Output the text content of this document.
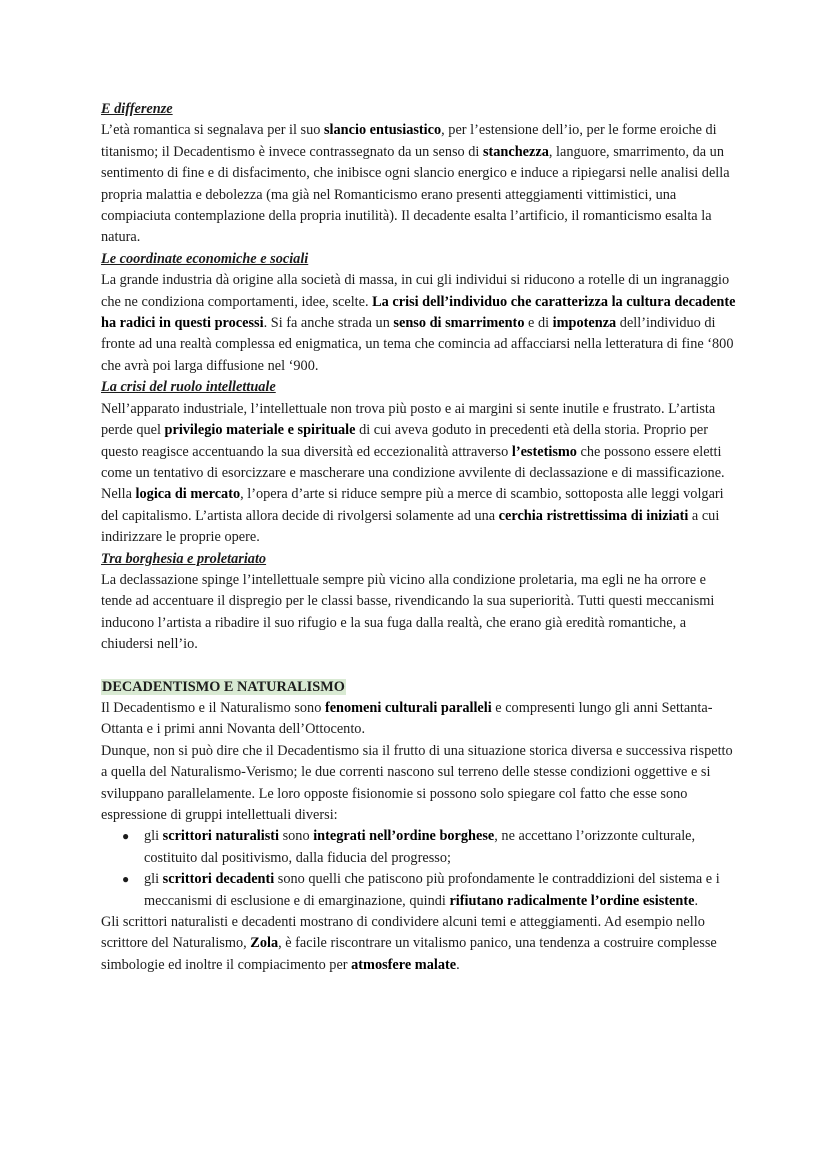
E differenze

L’età romantica si segnalava per il suo slancio entusiastico, per l’estensione dell’io, per le forme eroiche di titanismo; il Decadentismo è invece contrassegnato da un senso di stanchezza, languore, smarrimento, da un sentimento di fine e di disfacimento, che inibisce ogni slancio energico e induce a ripiegarsi nelle analisi della propria malattia e debolezza (ma già nel Romanticismo erano presenti atteggiamenti vittimistici, una compiaciuta contemplazione della propria inutilità). Il decadente esalta l’artificio, il romanticismo esalta la natura.

Le coordinate economiche e sociali

La grande industria dà origine alla società di massa, in cui gli individui si riducono a rotelle di un ingranaggio che ne condiziona comportamenti, idee, scelte. La crisi dell’individuo che caratterizza la cultura decadente ha radici in questi processi. Si fa anche strada un senso di smarrimento e di impotenza dell’individuo di fronte ad una realtà complessa ed enigmatica, un tema che comincia ad affacciarsi nella letteratura di fine ‘800 che avrà poi larga diffusione nel ‘900.

La crisi del ruolo intellettuale

Nell’apparato industriale, l’intellettuale non trova più posto e ai margini si sente inutile e frustrato. L’artista perde quel privilegio materiale e spirituale di cui aveva goduto in precedenti età della storia. Proprio per questo reagisce accentuando la sua diversità ed eccezionalità attraverso l’estetismo che possono essere eletti come un tentativo di esorcizzare e mascherare una condizione avvilente di declassazione e di massificazione.

Nella logica di mercato, l’opera d’arte si riduce sempre più a merce di scambio, sottoposta alle leggi volgari del capitalismo. L’artista allora decide di rivolgersi solamente ad una cerchia ristrettissima di iniziati a cui indirizzare le proprie opere.

Tra borghesia e proletariato

La declassazione spinge l’intellettuale sempre più vicino alla condizione proletaria, ma egli ne ha orrore e tende ad accentuare il dispregio per le classi basse, rivendicando la sua superiorità. Tutti questi meccanismi inducono l’artista a ribadire il suo rifugio e la sua fuga dalla realtà, che erano già eredità romantiche, a chiudersi nell’io.

DECADENTISMO E NATURALISMO

Il Decadentismo e il Naturalismo sono fenomeni culturali paralleli e compresenti lungo gli anni Settanta-Ottanta e i primi anni Novanta dell’Ottocento.

Dunque, non si può dire che il Decadentismo sia il frutto di una situazione storica diversa e successiva rispetto a quella del Naturalismo-Verismo; le due correnti nascono sul terreno delle stesse condizioni oggettive e si sviluppano parallelamente. Le loro opposte fisionomie si possono solo spiegare col fatto che esse sono espressione di gruppi intellettuali diversi:

● gli scrittori naturalisti sono integrati nell’ordine borghese, ne accettano l’orizzonte culturale, costituito dal positivismo, dalla fiducia del progresso;
● gli scrittori decadenti sono quelli che patiscono più profondamente le contraddizioni del sistema e i meccanismi di esclusione e di emarginazione, quindi rifiutano radicalmente l’ordine esistente.

Gli scrittori naturalisti e decadenti mostrano di condividere alcuni temi e atteggiamenti. Ad esempio nello scrittore del Naturalismo, Zola, è facile riscontrare un vitalismo panico, una tendenza a costruire complesse simbologie ed inoltre il compiacimento per atmosfere malate.
